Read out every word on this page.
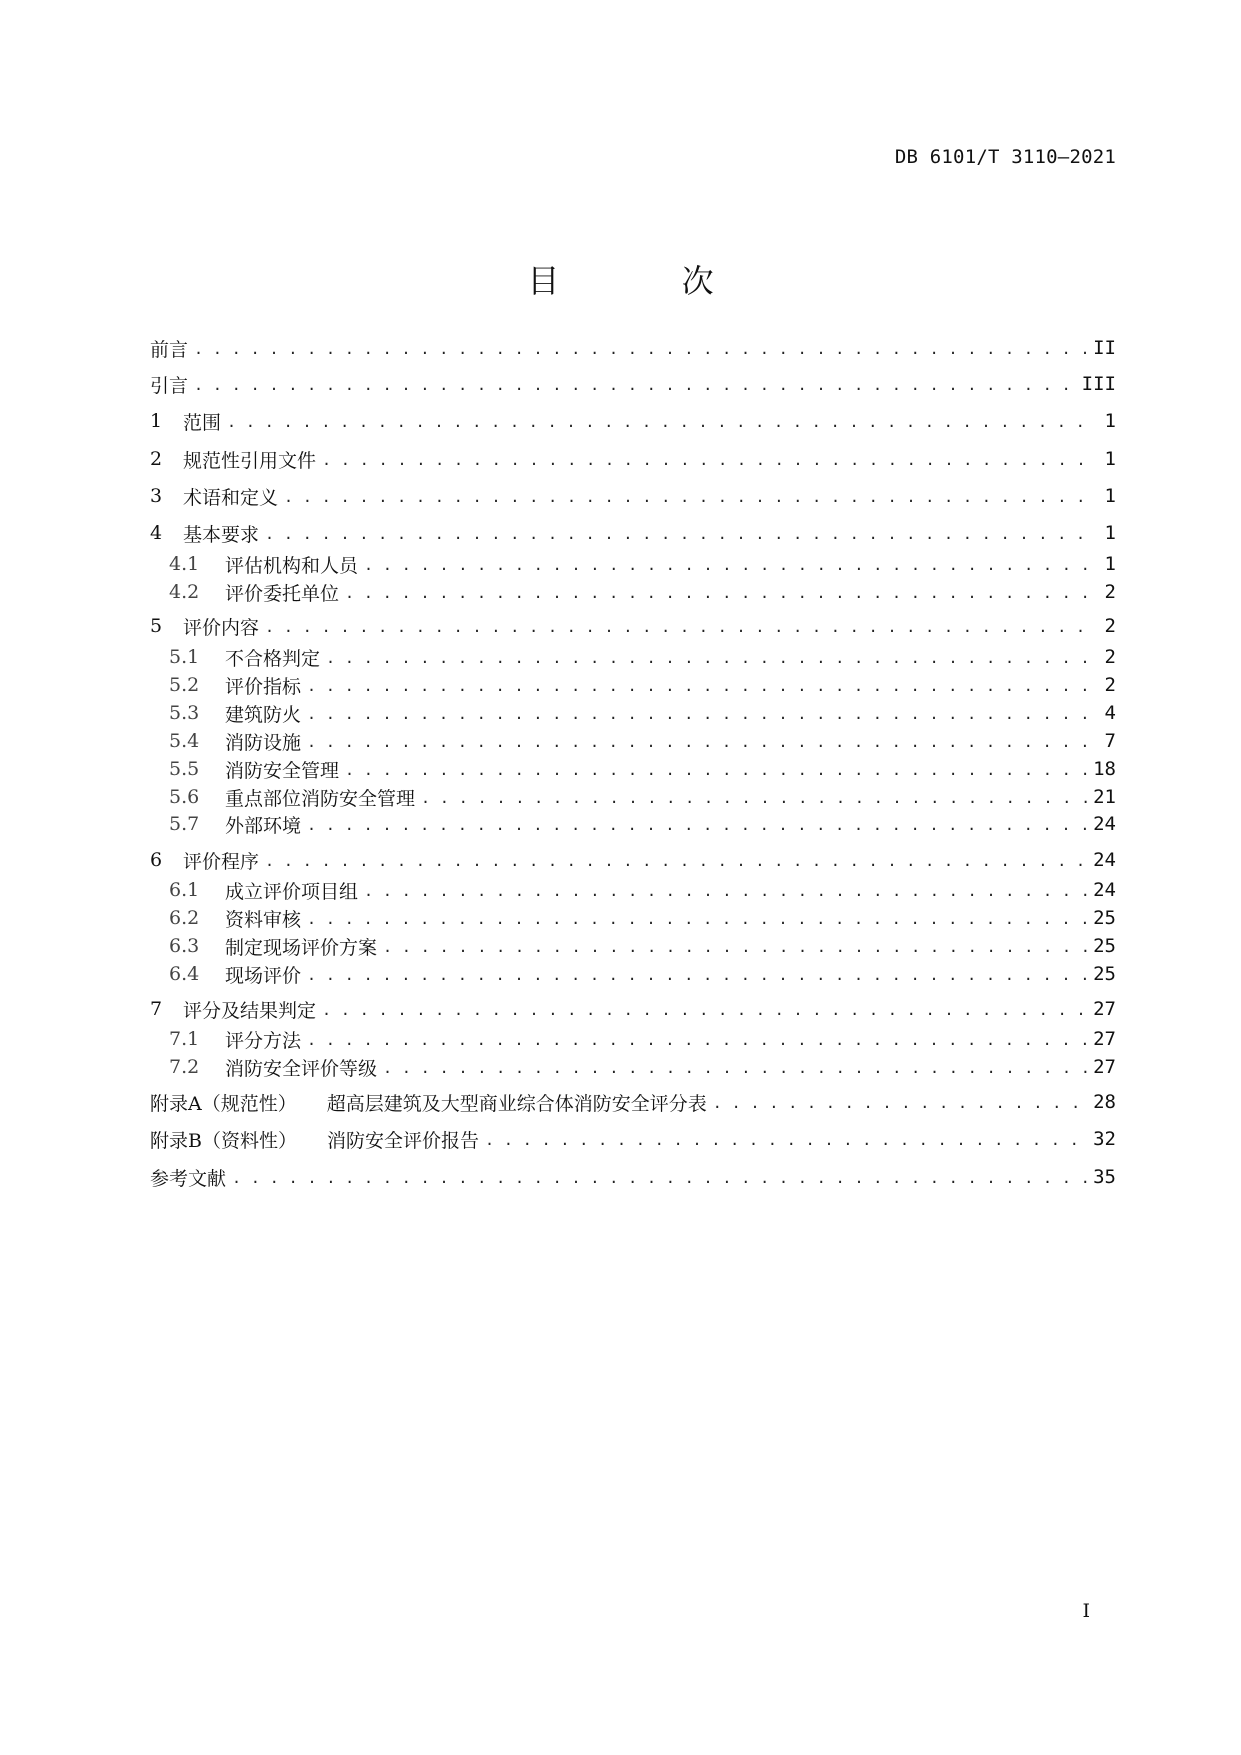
DB 6101/T 3110—2021
目 次
前言 . . .	II
引言 . . .	III
1	范围 . . .	1
2	规范性引用文件 . . .	1
3	术语和定义 . . .	1
4	基本要求 . . .	1
4.1	评估机构和人员 . . .	1
4.2	评价委托单位 . . .	2
5	评价内容 . . .	2
5.1	不合格判定 . . .	2
5.2	评价指标 . . .	2
5.3	建筑防火 . . .	4
5.4	消防设施 . . .	7
5.5	消防安全管理 . . .	18
5.6	重点部位消防安全管理 . . .	21
5.7	外部环境 . . .	24
6	评价程序 . . .	24
6.1	成立评价项目组 . . .	24
6.2	资料审核 . . .	25
6.3	制定现场评价方案 . . .	25
6.4	现场评价 . . .	25
7	评分及结果判定 . . .	27
7.1	评分方法 . . .	27
7.2	消防安全评价等级 . . .	27
附录A（规范性） 超高层建筑及大型商业综合体消防安全评分表 . . .	28
附录B（资料性） 消防安全评价报告 . . .	32
参考文献 . . .	35
I
